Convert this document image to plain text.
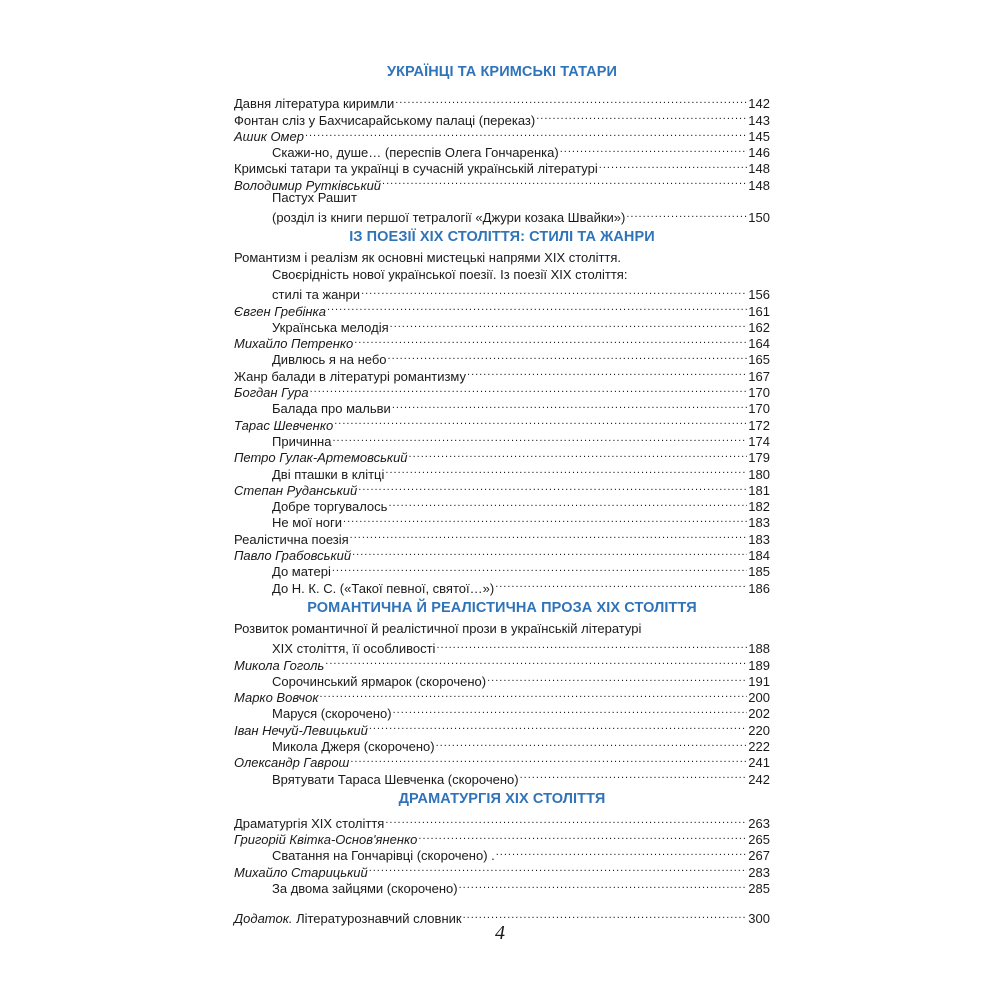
УКРАЇНЦІ ТА КРИМСЬКІ ТАТАРИ
Давня література киримли .....	142
Фонтан сліз у Бахчисарайському палаці (переказ) .....	143
Ашик Омер .....	145
Скажи-но, душе… (переспів Олега Гончаренка) .....	146
Кримські татари та українці в сучасній українській літературі .....	148
Володимир Рутківський .....	148
Пастух Рашит
(розділ із книги першої тетралогії «Джури козака Швайки») .....	150
ІЗ ПОЕЗІЇ ХІХ СТОЛІТТЯ: СТИЛІ ТА ЖАНРИ
Романтизм і реалізм як основні мистецькі напрями ХІХ століття.
Своєрідність нової української поезії. Із поезії ХІХ століття:
стилі та жанри .....	156
Євген Гребінка .....	161
Українська мелодія .....	162
Михайло Петренко .....	164
Дивлюсь я на небо .....	165
Жанр балади в літературі романтизму .....	167
Богдан Гура .....	170
Балада про мальви .....	170
Тарас Шевченко .....	172
Причинна .....	174
Петро Гулак-Артемовський .....	179
Дві пташки в клітці .....	180
Степан Руданський .....	181
Добре торгувалось .....	182
Не мої ноги .....	183
Реалістична поезія .....	183
Павло Грабовський .....	184
До матері .....	185
До Н. К. С. («Такої певної, святої…») .....	186
РОМАНТИЧНА Й РЕАЛІСТИЧНА ПРОЗА ХІХ СТОЛІТТЯ
Розвиток романтичної й реалістичної прози в українській літературі
ХІХ століття, її особливості .....	188
Микола Гоголь .....	189
Сорочинський ярмарок (скорочено) .....	191
Марко Вовчок .....	200
Маруся (скорочено) .....	202
Іван Нечуй-Левицький .....	220
Микола Джеря (скорочено) .....	222
Олександр Гаврош .....	241
Врятувати Тараса Шевченка (скорочено) .....	242
ДРАМАТУРГІЯ ХІХ СТОЛІТТЯ
Драматургія ХІХ століття .....	263
Григорій Квітка-Основ'яненко .....	265
Сватання на Гончарівці (скорочено) . .....	267
Михайло Старицький .....	283
За двома зайцями (скорочено) .....	285
Додаток. Літературознавчий словник .....	300
4
